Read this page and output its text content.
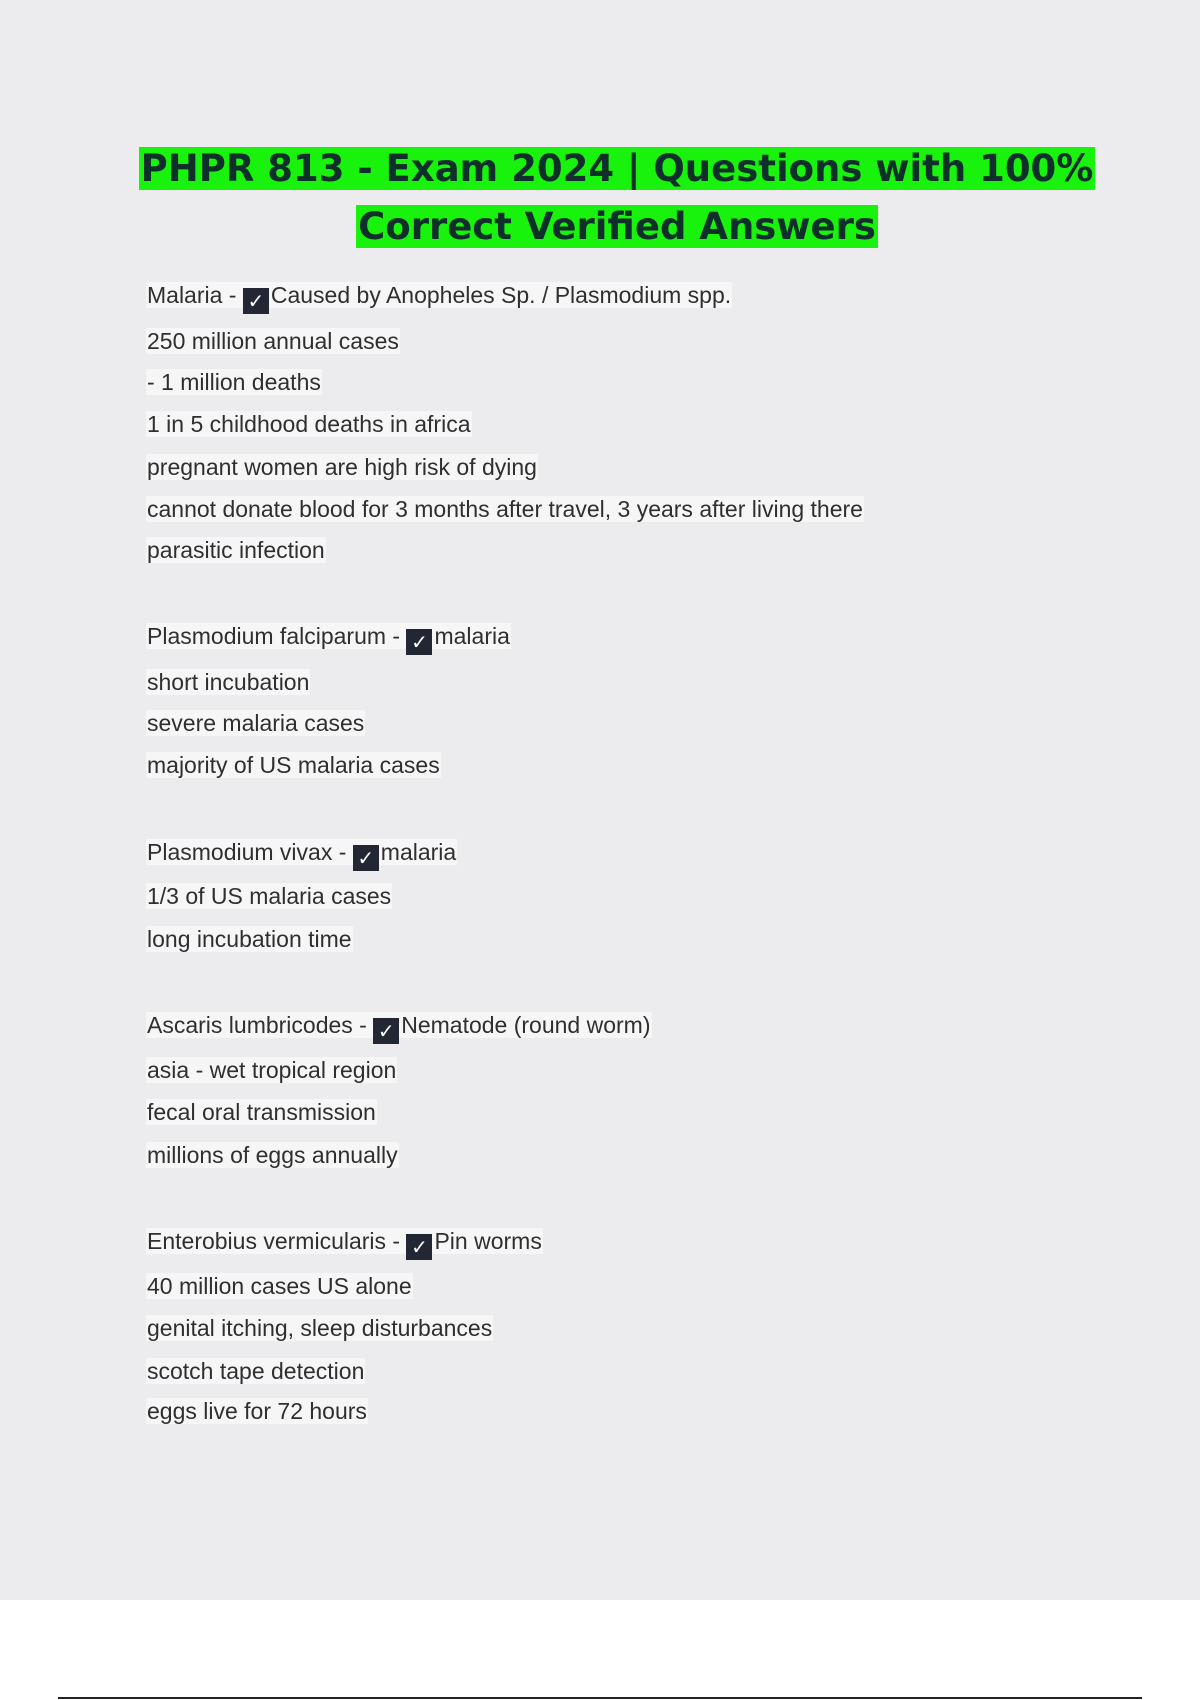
PHPR 813 - Exam 2024 | Questions with 100%
Correct Verified Answers
Malaria - ✓ Caused by Anopheles Sp. / Plasmodium spp.
250 million annual cases
- 1 million deaths
1 in 5 childhood deaths in africa
pregnant women are high risk of dying
cannot donate blood for 3 months after travel, 3 years after living there
parasitic infection
Plasmodium falciparum - ✓ malaria
short incubation
severe malaria cases
majority of US malaria cases
Plasmodium vivax - ✓ malaria
1/3 of US malaria cases
long incubation time
Ascaris lumbricodes - ✓ Nematode (round worm)
asia - wet tropical region
fecal oral transmission
millions of eggs annually
Enterobius vermicularis - ✓ Pin worms
40 million cases US alone
genital itching, sleep disturbances
scotch tape detection
eggs live for 72 hours
